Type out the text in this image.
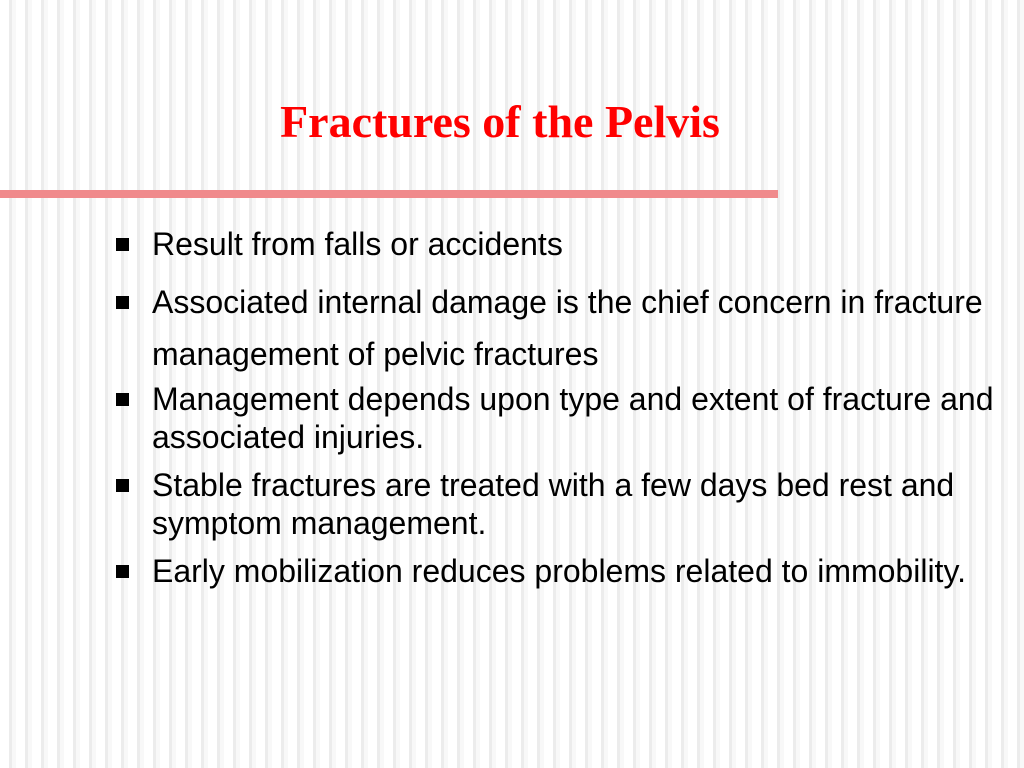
Fractures of the Pelvis
Result from falls or accidents
Associated internal damage is the chief concern in fracture management of pelvic fractures
Management depends upon type and extent of fracture and associated injuries.
Stable fractures are treated with a few days bed rest and symptom management.
Early mobilization reduces problems related to immobility.
